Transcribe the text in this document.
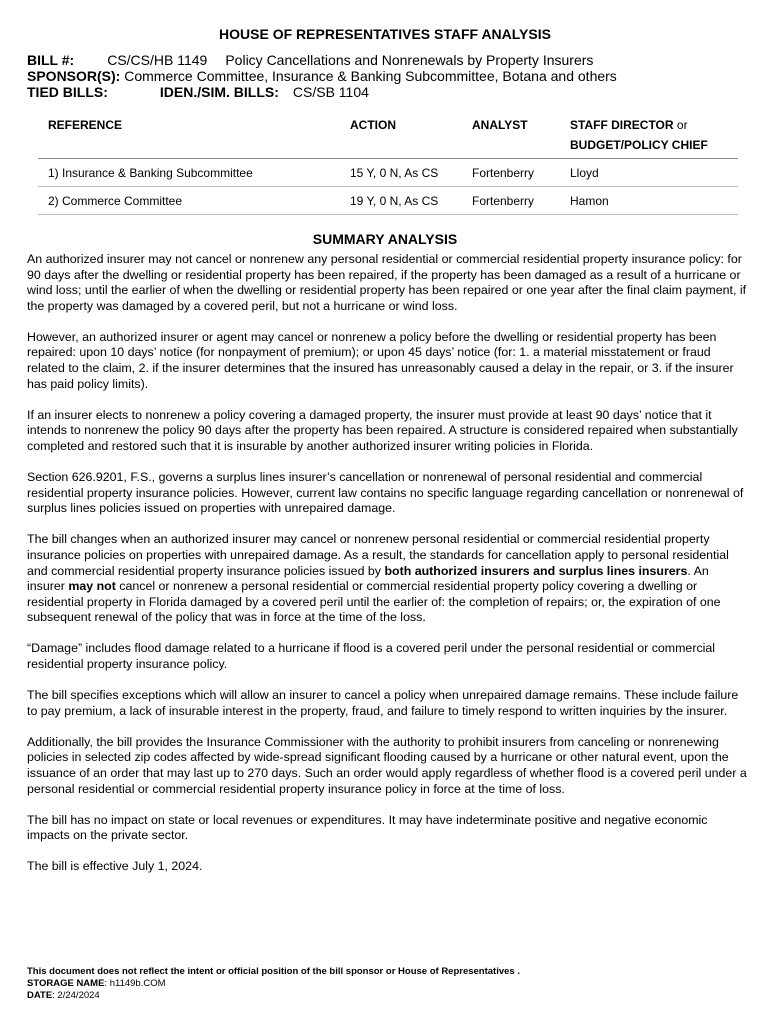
HOUSE OF REPRESENTATIVES STAFF ANALYSIS
BILL #: CS/CS/HB 1149 Policy Cancellations and Nonrenewals by Property Insurers
SPONSOR(S): Commerce Committee, Insurance & Banking Subcommittee, Botana and others
TIED BILLS:	IDEN./SIM. BILLS: CS/SB 1104
REFERENCE	ACTION	ANALYST	STAFF DIRECTOR or
BUDGET/POLICY CHIEF
1) Insurance & Banking Subcommittee	15 Y, 0 N, As CS	Fortenberry	Lloyd
2) Commerce Committee	19 Y, 0 N, As CS	Fortenberry	Hamon
SUMMARY ANALYSIS

An authorized insurer may not cancel or nonrenew any personal residential or commercial residential property insurance policy: for 90 days after the dwelling or residential property has been repaired, if the property has been damaged as a result of a hurricane or wind loss; until the earlier of when the dwelling or residential property has been repaired or one year after the final claim payment, if the property was damaged by a covered peril, but not a hurricane or wind loss.

However, an authorized insurer or agent may cancel or nonrenew a policy before the dwelling or residential property has been repaired: upon 10 days’ notice (for nonpayment of premium); or upon 45 days’ notice (for: 1. a material misstatement or fraud related to the claim, 2. if the insurer determines that the insured has unreasonably caused a delay in the repair, or 3. if the insurer has paid policy limits).

If an insurer elects to nonrenew a policy covering a damaged property, the insurer must provide at least 90 days’ notice that it intends to nonrenew the policy 90 days after the property has been repaired. A structure is considered repaired when substantially completed and restored such that it is insurable by another authorized insurer writing policies in Florida.

Section 626.9201, F.S., governs a surplus lines insurer’s cancellation or nonrenewal of personal residential and commercial residential property insurance policies. However, current law contains no specific language regarding cancellation or nonrenewal of surplus lines policies issued on properties with unrepaired damage.

The bill changes when an authorized insurer may cancel or nonrenew personal residential or commercial residential property insurance policies on properties with unrepaired damage. As a result, the standards for cancellation apply to personal residential and commercial residential property insurance policies issued by both authorized insurers and surplus lines insurers. An insurer may not cancel or nonrenew a personal residential or commercial residential property policy covering a dwelling or residential property in Florida damaged by a covered peril until the earlier of: the completion of repairs; or, the expiration of one subsequent renewal of the policy that was in force at the time of the loss.

“Damage” includes flood damage related to a hurricane if flood is a covered peril under the personal residential or commercial residential property insurance policy.

The bill specifies exceptions which will allow an insurer to cancel a policy when unrepaired damage remains. These include failure to pay premium, a lack of insurable interest in the property, fraud, and failure to timely respond to written inquiries by the insurer.

Additionally, the bill provides the Insurance Commissioner with the authority to prohibit insurers from canceling or nonrenewing policies in selected zip codes affected by wide-spread significant flooding caused by a hurricane or other natural event, upon the issuance of an order that may last up to 270 days. Such an order would apply regardless of whether flood is a covered peril under a personal residential or commercial residential property insurance policy in force at the time of loss.

The bill has no impact on state or local revenues or expenditures. It may have indeterminate positive and negative economic impacts on the private sector.

The bill is effective July 1, 2024.

This document does not reflect the intent or official position of the bill sponsor or House of Representatives .
STORAGE NAME: h1149b.COM
DATE: 2/24/2024
